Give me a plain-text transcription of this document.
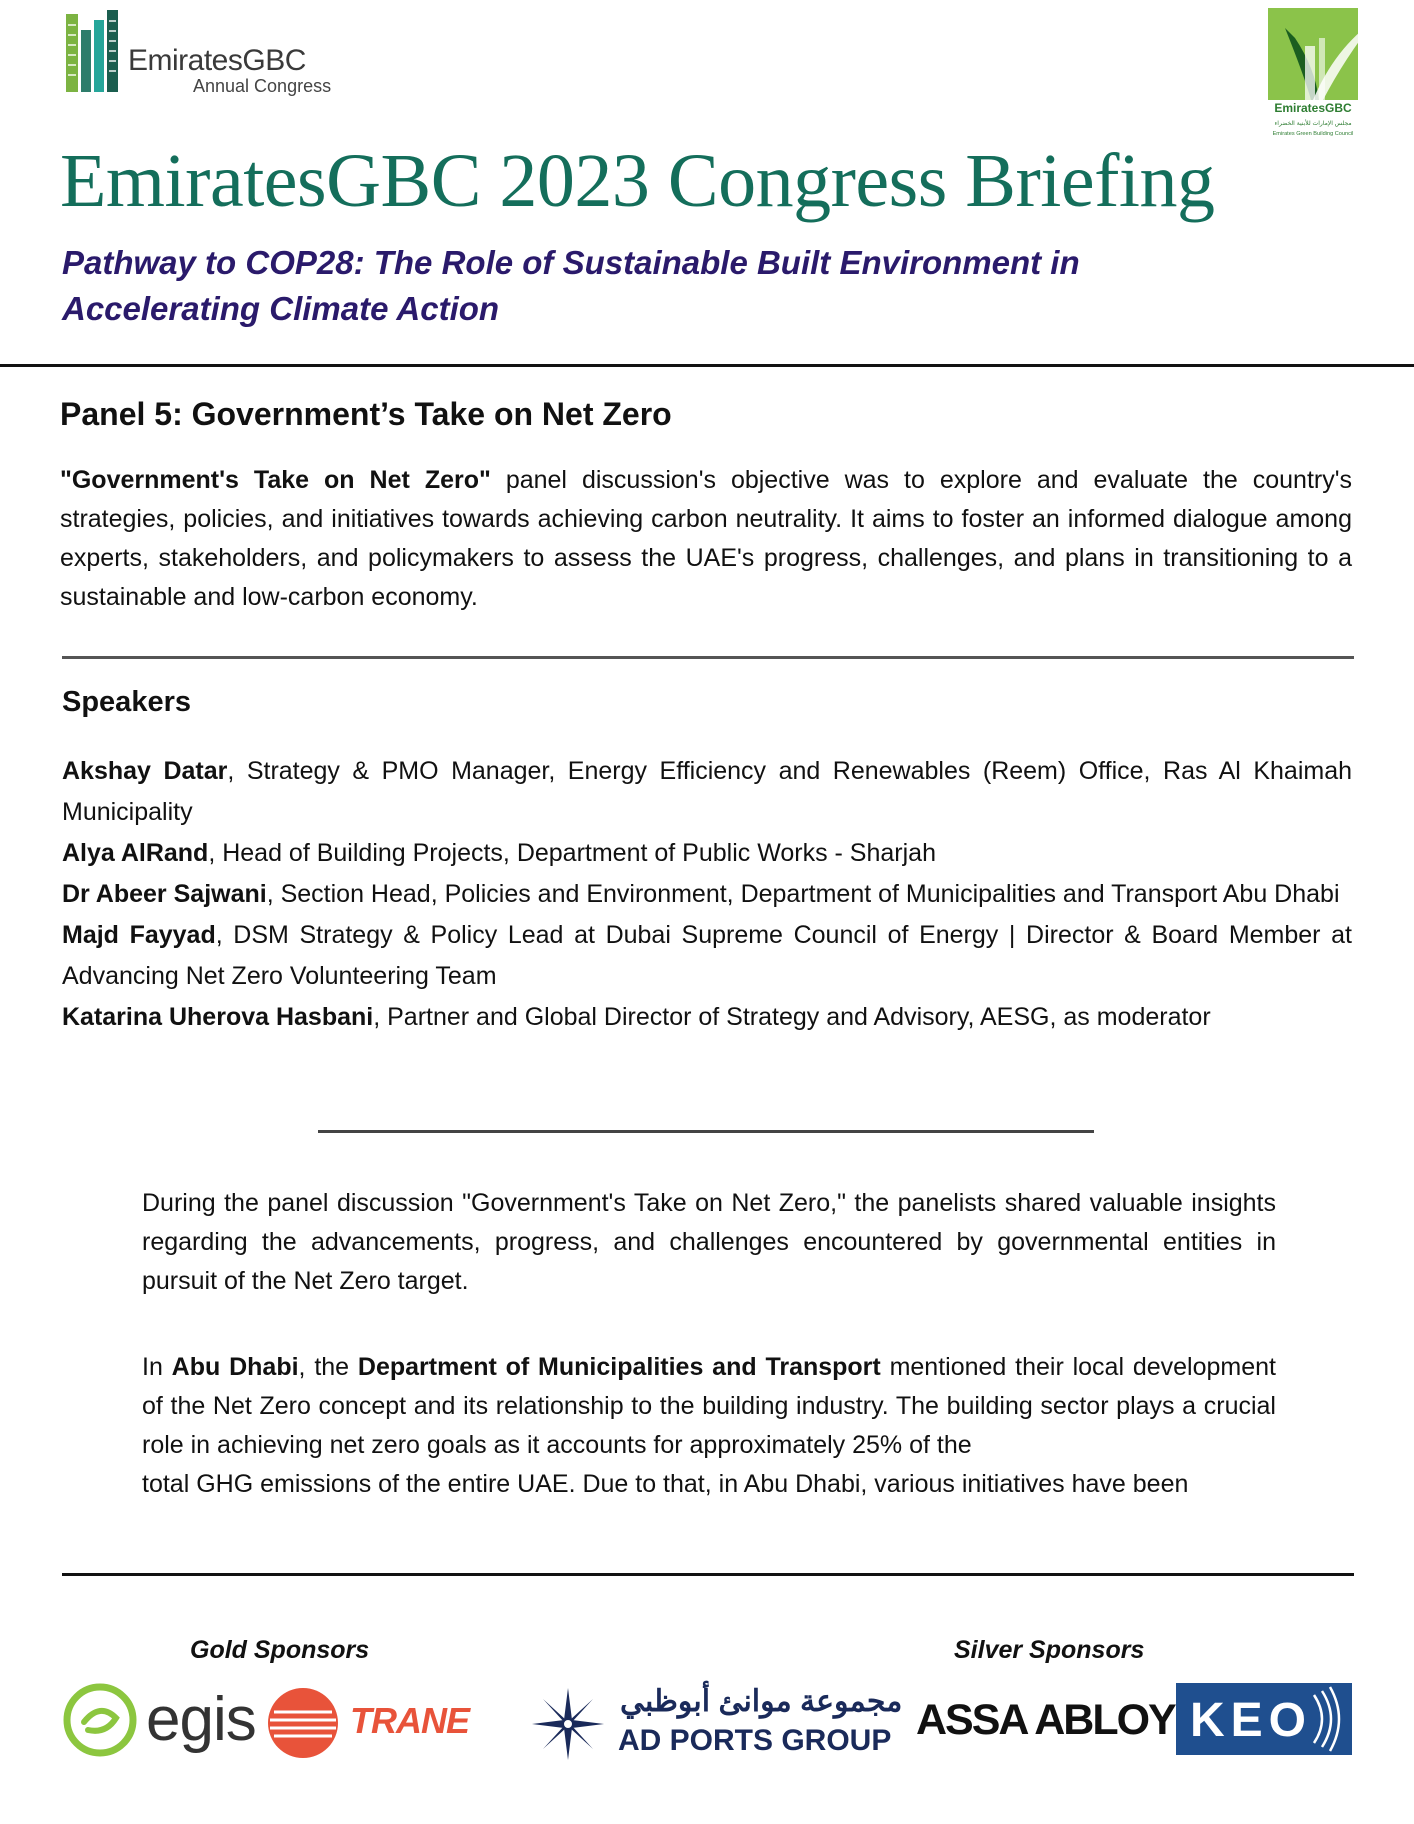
EmiratesGBC
Annual Congress
EmiratesGBC
مجلس الإمارات للأبنية الخضراء
Emirates Green Building Council
EmiratesGBC 2023 Congress Briefing
Pathway to COP28: The Role of Sustainable Built Environment in
Accelerating Climate Action
Panel 5: Government’s Take on Net Zero
"Government's Take on Net Zero" panel discussion's objective was to explore and evaluate the country's strategies, policies, and initiatives towards achieving carbon neutrality. It aims to foster an informed dialogue among experts, stakeholders, and policymakers to assess the UAE's progress, challenges, and plans in transitioning to a sustainable and low-carbon economy.
Speakers
Akshay Datar, Strategy & PMO Manager, Energy Efficiency and Renewables (Reem) Office, Ras Al Khaimah Municipality
Alya AlRand, Head of Building Projects, Department of Public Works - Sharjah
Dr Abeer Sajwani, Section Head, Policies and Environment, Department of Municipalities and Transport Abu Dhabi
Majd Fayyad, DSM Strategy & Policy Lead at Dubai Supreme Council of Energy | Director & Board Member at Advancing Net Zero Volunteering Team
Katarina Uherova Hasbani, Partner and Global Director of Strategy and Advisory, AESG, as moderator
During the panel discussion "Government's Take on Net Zero," the panelists shared valuable insights regarding the advancements, progress, and challenges encountered by governmental entities in pursuit of the Net Zero target.
In Abu Dhabi, the Department of Municipalities and Transport mentioned their local development of the Net Zero concept and its relationship to the building industry. The building sector plays a crucial role in achieving net zero goals as it accounts for approximately 25% of the
total GHG emissions of the entire UAE. Due to that, in Abu Dhabi, various initiatives have been
Gold Sponsors	Silver Sponsors
egis	TRANE	مجموعة موانئ أبوظبي
AD PORTS GROUP ASSA ABLOY KEO
